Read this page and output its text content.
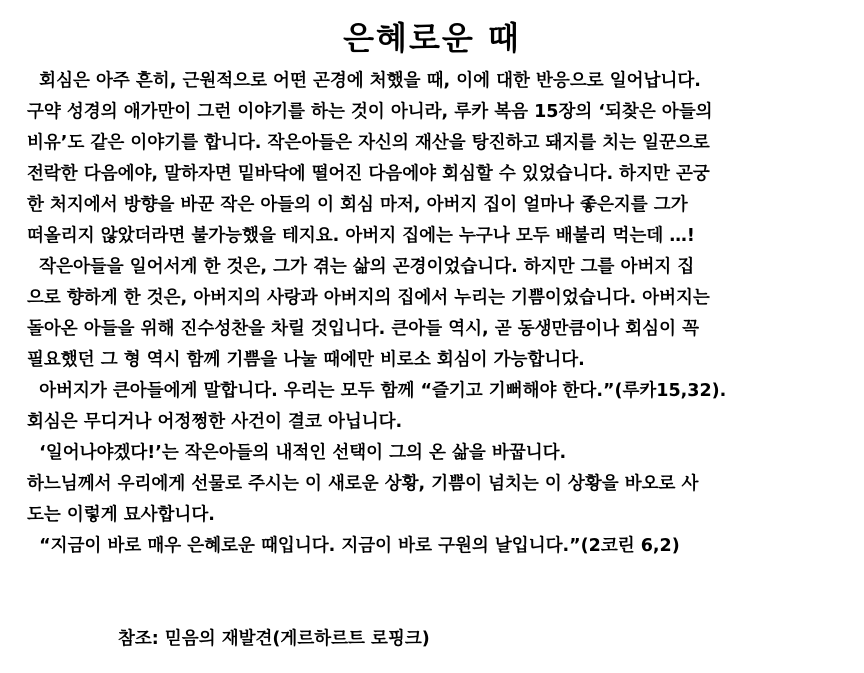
은혜로운 때
회심은 아주 흔히, 근원적으로 어떤 곤경에 처했을 때, 이에 대한 반응으로 일어납니다.
구약 성경의 애가만이 그런 이야기를 하는 것이 아니라, 루카 복음 15장의 ‘되찾은 아들의
비유’도 같은 이야기를 합니다. 작은아들은 자신의 재산을 탕진하고 돼지를 치는 일꾼으로
전락한 다음에야, 말하자면 밑바닥에 떨어진 다음에야 회심할 수 있었습니다. 하지만 곤궁
한 처지에서 방향을 바꾼 작은 아들의 이 회심 마저, 아버지 집이 얼마나 좋은지를 그가
떠올리지 않았더라면 불가능했을 테지요. 아버지 집에는 누구나 모두 배불리 먹는데 …!
작은아들을 일어서게 한 것은, 그가 겪는 삶의 곤경이었습니다. 하지만 그를 아버지 집
으로 향하게 한 것은, 아버지의 사랑과 아버지의 집에서 누리는 기쁨이었습니다. 아버지는
돌아온 아들을 위해 진수성찬을 차릴 것입니다. 큰아들 역시, 곧 동생만큼이나 회심이 꼭
필요했던 그 형 역시 함께 기쁨을 나눌 때에만 비로소 회심이 가능합니다.
아버지가 큰아들에게 말합니다. 우리는 모두 함께 “즐기고 기뻐해야 한다.”(루카15,32).
회심은 무디거나 어정쩡한 사건이 결코 아닙니다.
‘일어나야겠다!’는 작은아들의 내적인 선택이 그의 온 삶을 바꿉니다.
하느님께서 우리에게 선물로 주시는 이 새로운 상황, 기쁨이 넘치는 이 상황을 바오로 사
도는 이렇게 묘사합니다.
“지금이 바로 매우 은혜로운 때입니다. 지금이 바로 구원의 날입니다.”(2코린 6,2)
참조: 믿음의 재발견(게르하르트 로핑크)
